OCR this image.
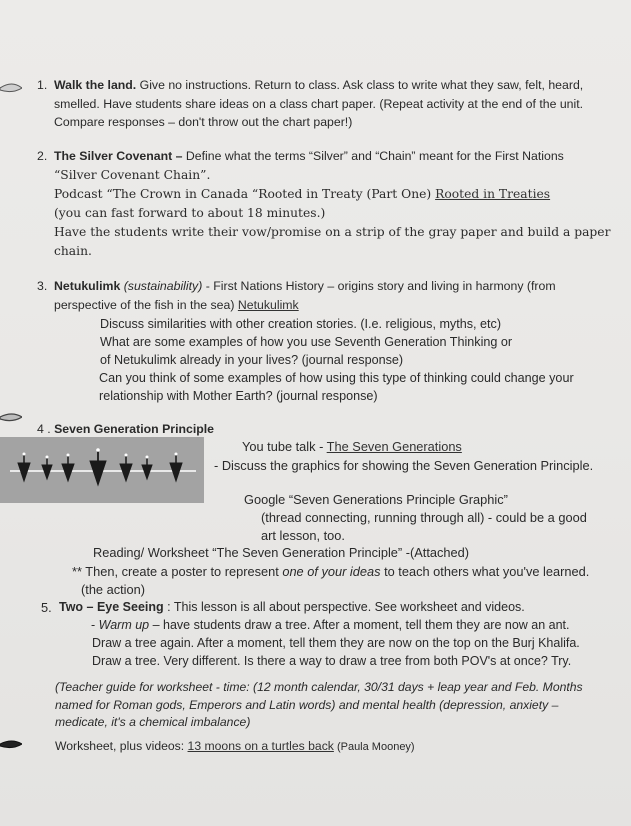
1. Walk the land. Give no instructions. Return to class. Ask class to write what they saw, felt, heard,
smelled. Have students share ideas on a class chart paper. (Repeat activity at the end of the unit.
Compare responses – don't throw out the chart paper!)
2. The Silver Covenant – Define what the terms “Silver” and “Chain” meant for the First Nations
“Silver Covenant Chain”.
Podcast “The Crown in Canada “Rooted in Treaty (Part One) Rooted in Treaties
(you can fast forward to about 18 minutes.)
Have the students write their vow/promise on a strip of the gray paper and build a paper
chain.
3. Netukulimk (sustainability) - First Nations History – origins story and living in harmony (from
perspective of the fish in the sea) Netukulimk
Discuss similarities with other creation stories. (I.e. religious, myths, etc)
What are some examples of how you use Seventh Generation Thinking or
of Netukulimk already in your lives? (journal response)
Can you think of some examples of how using this type of thinking could change your
relationship with Mother Earth? (journal response)
4 . Seven Generation Principle
You tube talk - The Seven Generations
- Discuss the graphics for showing the Seven Generation Principle.
Google “Seven Generations Principle Graphic”
(thread connecting, running through all) - could be a good
art lesson, too.
Reading/ Worksheet “The Seven Generation Principle” -(Attached)
** Then, create a poster to represent one of your ideas to teach others what you've learned.
(the action)
5. Two – Eye Seeing : This lesson is all about perspective. See worksheet and videos.
- Warm up – have students draw a tree. After a moment, tell them they are now an ant.
Draw a tree again. After a moment, tell them they are now on the top on the Burj Khalifa.
Draw a tree. Very different. Is there a way to draw a tree from both POV's at once? Try.
(Teacher guide for worksheet - time: (12 month calendar, 30/31 days + leap year and Feb. Months
named for Roman gods, Emperors and Latin words) and mental health (depression, anxiety –
medicate, it's a chemical imbalance)
Worksheet, plus videos: 13 moons on a turtles back (Paula Mooney)
